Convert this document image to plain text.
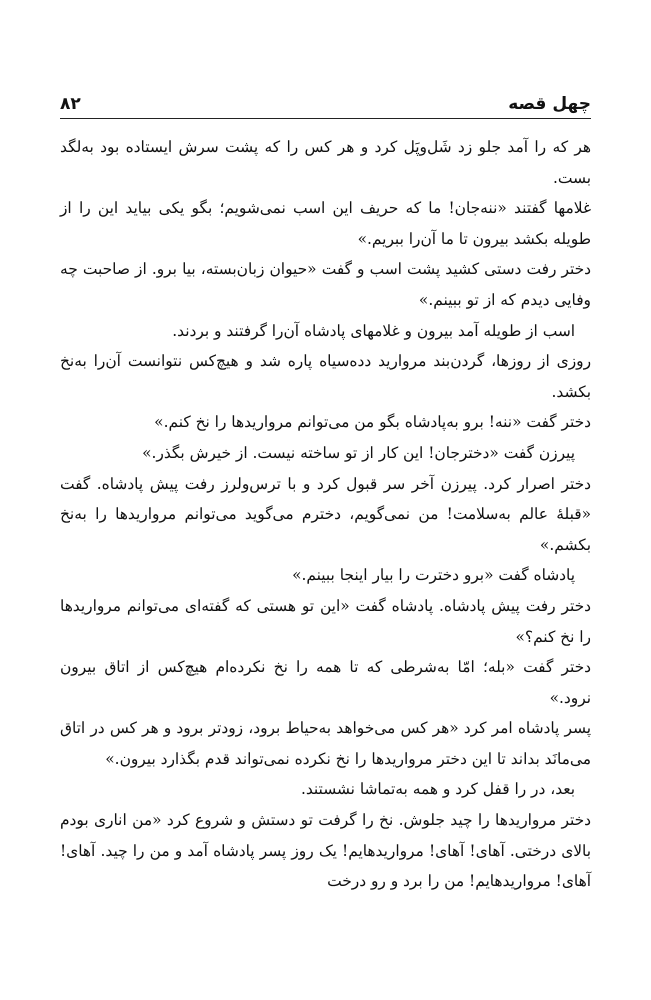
چهل قصه
۸۲

هر که را آمد جلو زد شَل‌وپَل کرد و هر کس را که پشت سرش ایستاده بود به‌لگد بست.

غلامها گفتند «ننه‌جان! ما که حریف این اسب نمی‌شویم؛ بگو یکی بیاید این را از طویله بکشد بیرون تا ما آن‌را ببریم.»

دختر رفت دستی کشید پشت اسب و گفت «حیوان زبان‌بسته، بیا برو. از صاحبت چه وفایی دیدم که از تو ببینم.»

اسب از طویله آمد بیرون و غلامهای پادشاه آن‌را گرفتند و بردند.

روزی از روزها، گردن‌بند مروارید دده‌سیاه پاره شد و هیچ‌کس نتوانست آن‌را به‌نخ بکشد.

دختر گفت «ننه! برو به‌پادشاه بگو من می‌توانم مرواریدها را نخ کنم.»

پیرزن گفت «دخترجان! این کار از تو ساخته نیست. از خیرش بگذر.»

دختر اصرار کرد. پیرزن آخر سر قبول کرد و با ترس‌ولرز رفت پیش پادشاه. گفت «قبلهٔ عالم به‌سلامت! من نمی‌گویم، دخترم می‌گوید می‌توانم مرواریدها را به‌نخ بکشم.»

پادشاه گفت «برو دخترت را بیار اینجا ببینم.»

دختر رفت پیش پادشاه. پادشاه گفت «این تو هستی که گفته‌ای می‌توانم مرواریدها را نخ کنم؟»

دختر گفت «بله؛ امّا به‌شرطی که تا همه را نخ نکرده‌ام هیچ‌کس از اتاق بیرون نرود.»

پسر پادشاه امر کرد «هر کس می‌خواهد به‌حیاط برود، زودتر برود و هر کس در اتاق می‌مانَد بداند تا این دختر مرواریدها را نخ نکرده نمی‌تواند قدم بگذارد بیرون.»

بعد، در را قفل کرد و همه به‌تماشا نشستند.

دختر مرواریدها را چید جلوش. نخ را گرفت تو دستش و شروع کرد «من اناری بودم بالای درختی. آهای! آهای! مرواریدهایم! یک روز پسر پادشاه آمد و من را چید. آهای! آهای! مرواریدهایم! من را برد و رو درخت
